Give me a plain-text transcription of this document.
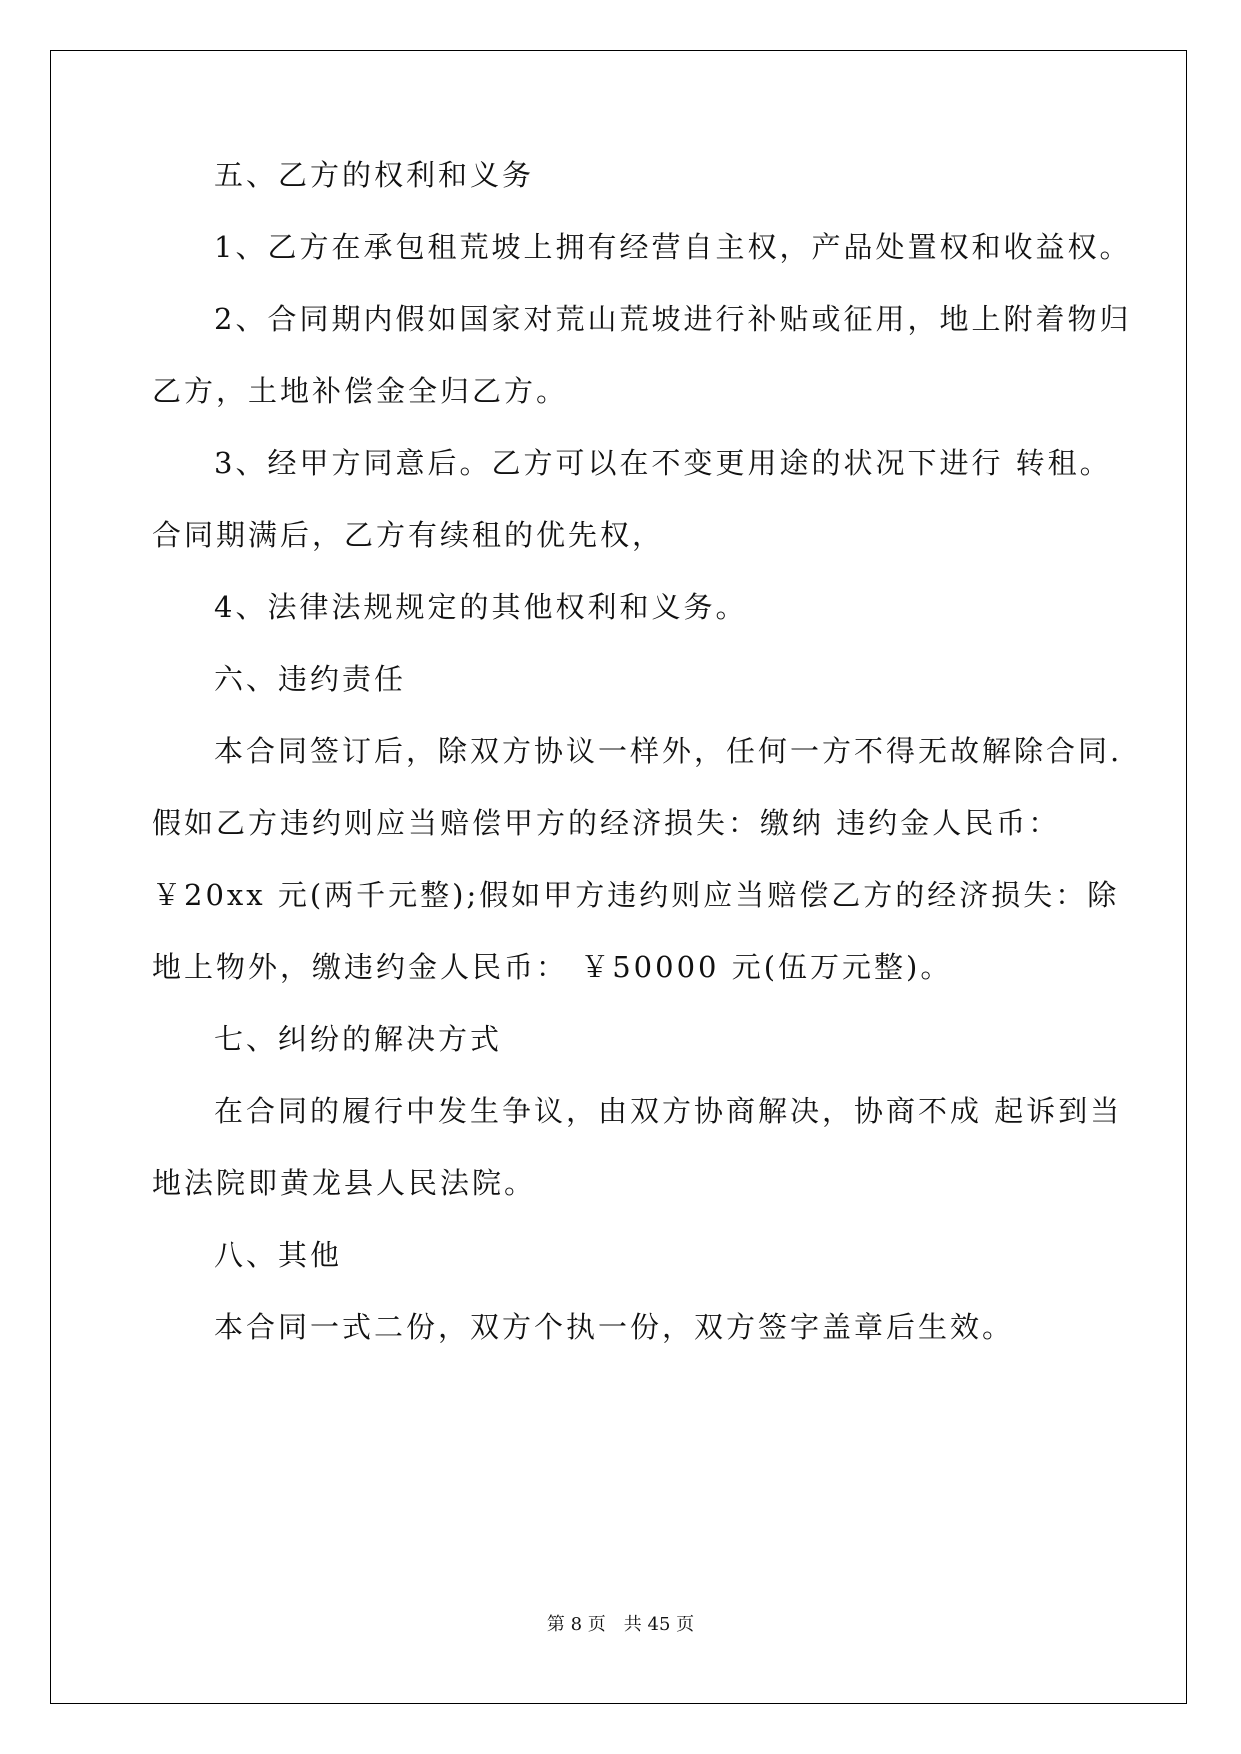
五、乙方的权利和义务
1、乙方在承包租荒坡上拥有经营自主权，产品处置权和收益权。
2、合同期内假如国家对荒山荒坡进行补贴或征用，地上附着物归
乙方，土地补偿金全归乙方。
3、经甲方同意后。乙方可以在不变更用途的状况下进行 转租。
合同期满后，乙方有续租的优先权，
4、法律法规规定的其他权利和义务。
六、违约责任
本合同签订后，除双方协议一样外，任何一方不得无故解除合同.
假如乙方违约则应当赔偿甲方的经济损失：缴纳 违约金人民币：
￥20xx 元(两千元整);假如甲方违约则应当赔偿乙方的经济损失：除
地上物外，缴违约金人民币： ￥50000 元(伍万元整)。
七、纠纷的解决方式
在合同的履行中发生争议，由双方协商解决，协商不成 起诉到当
地法院即黄龙县人民法院。
八、其他
本合同一式二份，双方个执一份，双方签字盖章后生效。
第 8 页 共 45 页
